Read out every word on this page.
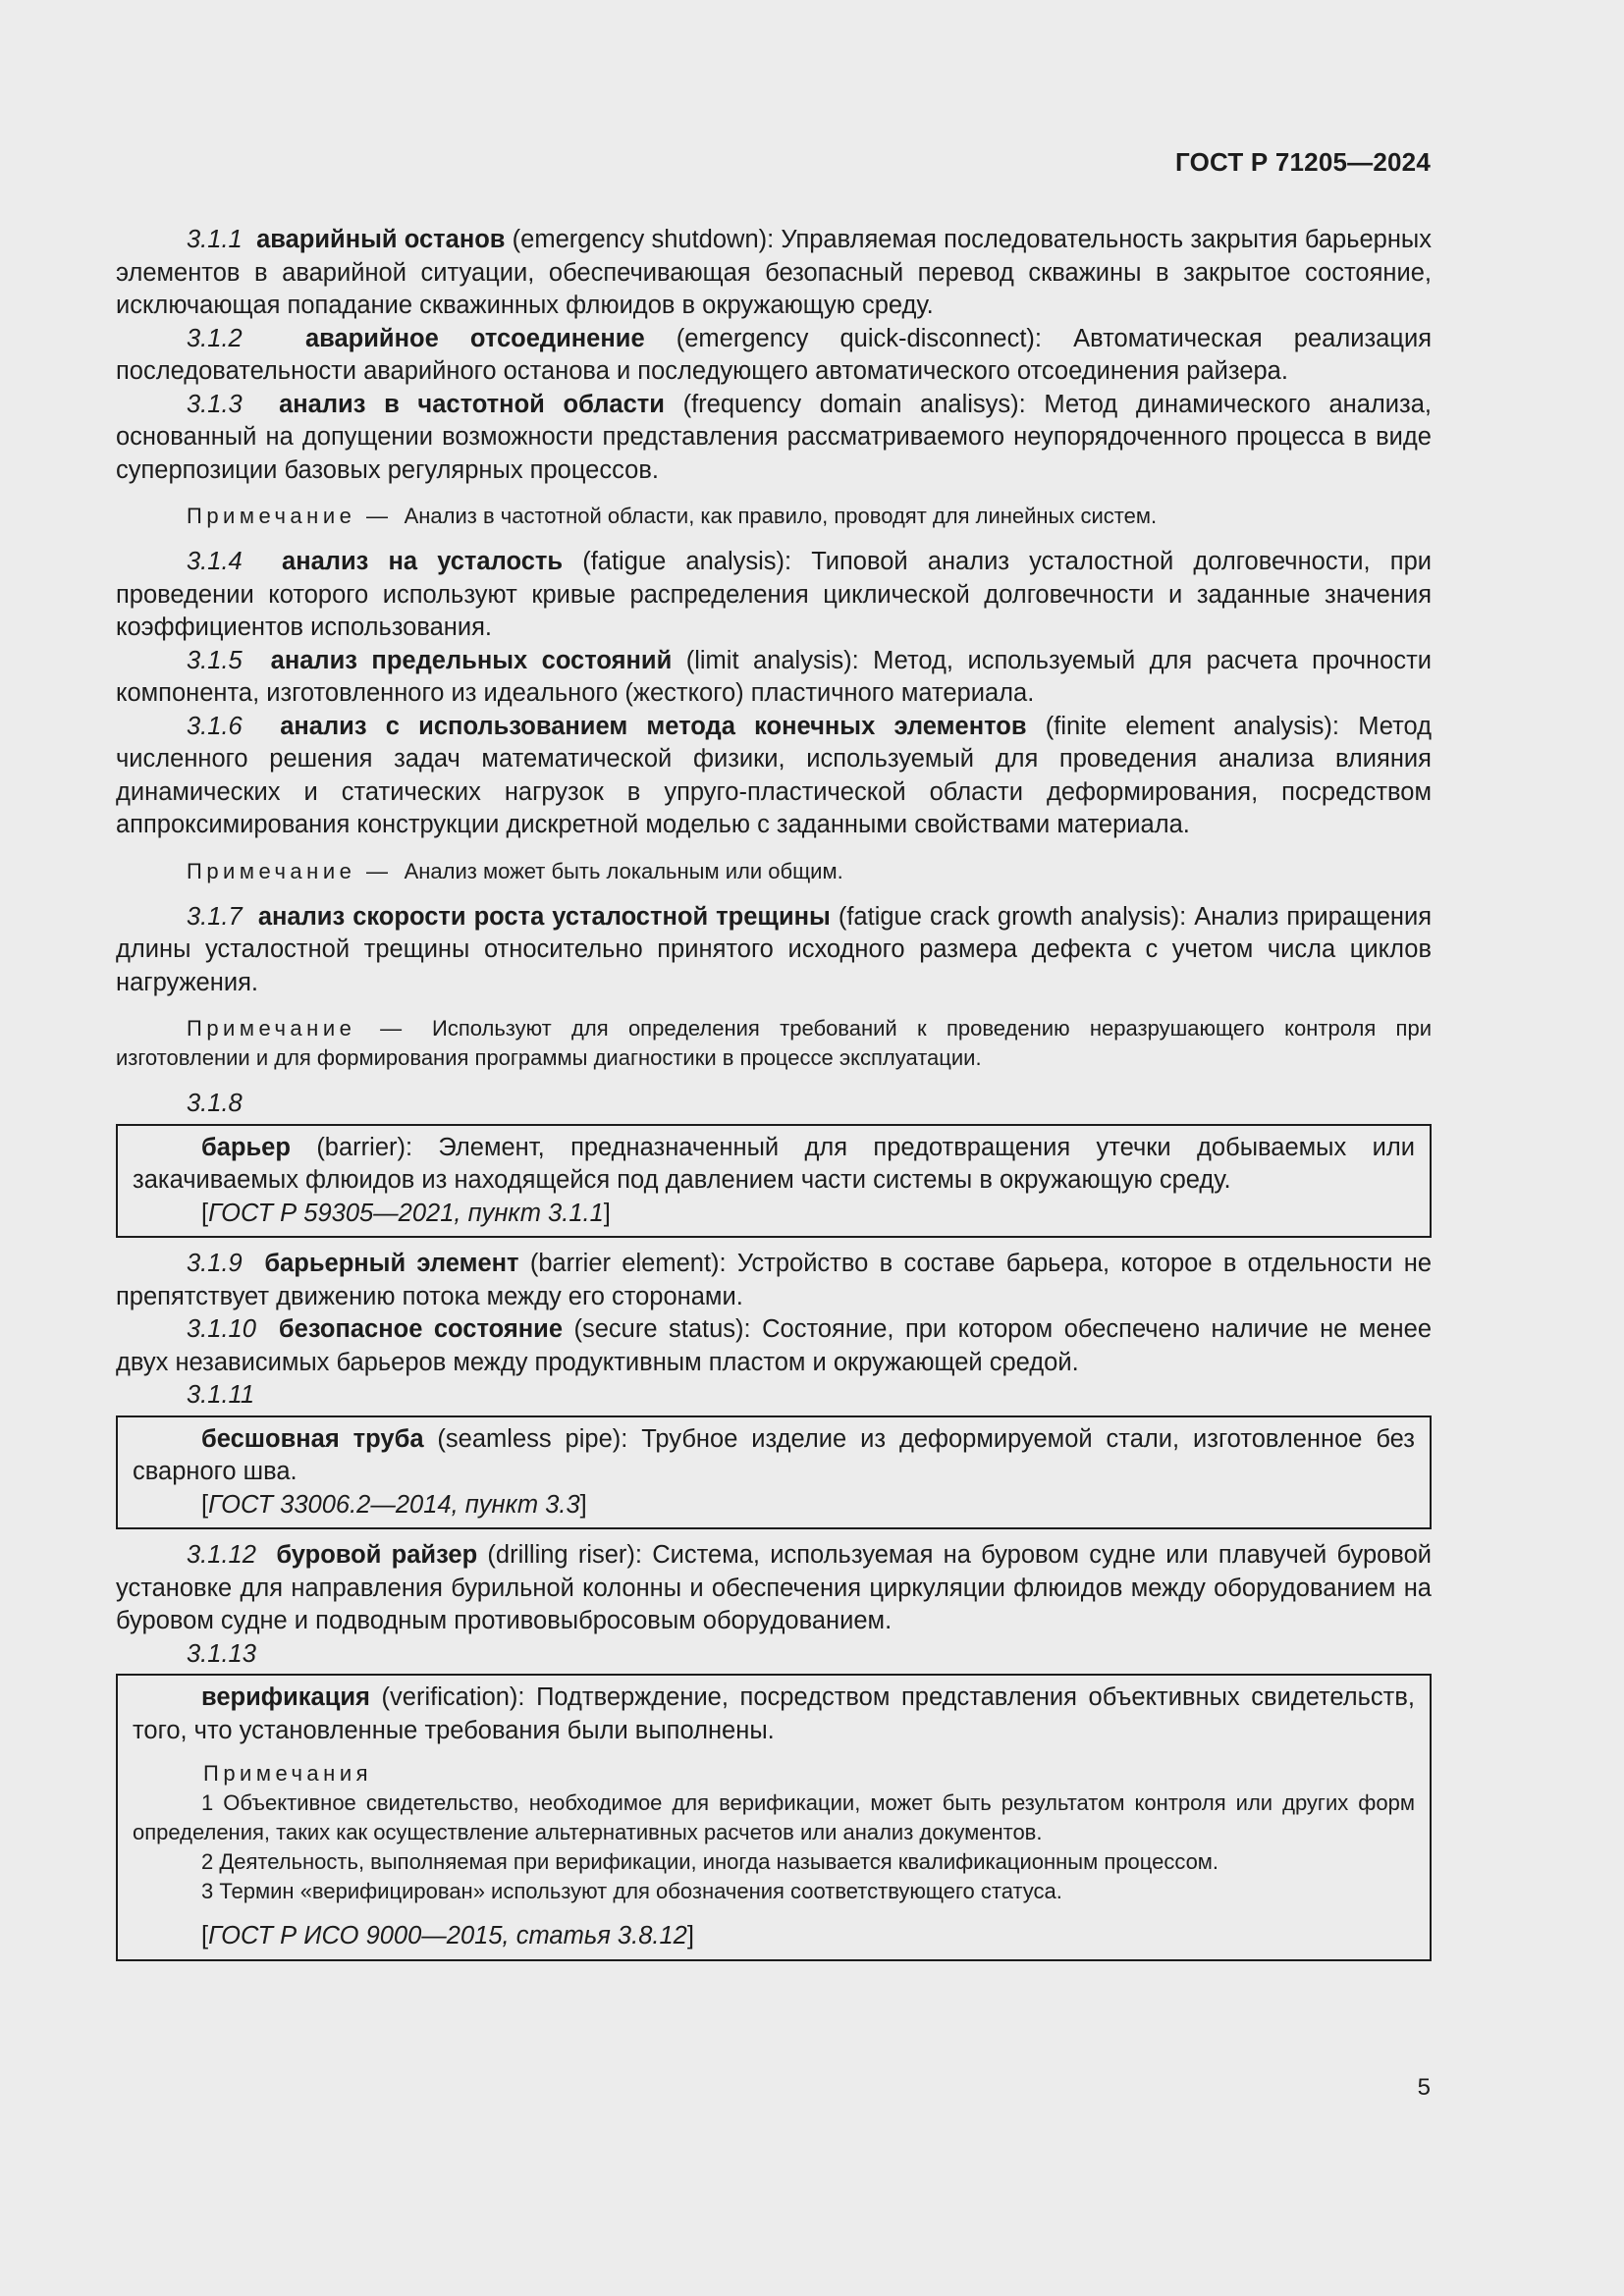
ГОСТ Р 71205—2024

3.1.1 аварийный останов (emergency shutdown): Управляемая последовательность закрытия барьерных элементов в аварийной ситуации, обеспечивающая безопасный перевод скважины в закрытое состояние, исключающая попадание скважинных флюидов в окружающую среду.

3.1.2	аварийное отсоединение (emergency quick-disconnect): Автоматическая реализация последовательности аварийного останова и последующего автоматического отсоединения райзера.

3.1.3 анализ в частотной области (frequency domain analisys): Метод динамического анализа, основанный на допущении возможности представления рассматриваемого неупорядоченного процесса в виде суперпозиции базовых регулярных процессов.

Примечание — Анализ в частотной области, как правило, проводят для линейных систем.

3.1.4 анализ на усталость (fatigue analysis): Типовой анализ усталостной долговечности, при проведении которого используют кривые распределения циклической долговечности и заданные значения коэффициентов использования.

3.1.5 анализ предельных состояний (limit analysis): Метод, используемый для расчета прочности компонента, изготовленного из идеального (жесткого) пластичного материала.

3.1.6 анализ с использованием метода конечных элементов (finite element analysis): Метод численного решения задач математической физики, используемый для проведения анализа влияния динамических и статических нагрузок в упруго-пластической области деформирования, посредством аппроксимирования конструкции дискретной моделью с заданными свойствами материала.

Примечание — Анализ может быть локальным или общим.

3.1.7 анализ скорости роста усталостной трещины (fatigue crack growth analysis): Анализ приращения длины усталостной трещины относительно принятого исходного размера дефекта с учетом числа циклов нагружения.

Примечание — Используют для определения требований к проведению неразрушающего контроля при изготовлении и для формирования программы диагностики в процессе эксплуатации.

3.1.8

барьер (barrier): Элемент, предназначенный для предотвращения утечки добываемых или закачиваемых флюидов из находящейся под давлением части системы в окружающую среду.

[ГОСТ Р 59305—2021, пункт 3.1.1]

3.1.9 барьерный элемент (barrier element): Устройство в составе барьера, которое в отдельности не препятствует движению потока между его сторонами.

3.1.10 безопасное состояние (secure status): Состояние, при котором обеспечено наличие не менее двух независимых барьеров между продуктивным пластом и окружающей средой.

3.1.11

бесшовная труба (seamless pipe): Трубное изделие из деформируемой стали, изготовленное без сварного шва.

[ГОСТ 33006.2—2014, пункт 3.3]

3.1.12 буровой райзер (drilling riser): Система, используемая на буровом судне или плавучей буровой установке для направления бурильной колонны и обеспечения циркуляции флюидов между оборудованием на буровом судне и подводным противовыбросовым оборудованием.

3.1.13

верификация (verification): Подтверждение, посредством представления объективных свидетельств, того, что установленные требования были выполнены.

Примечания

1 Объективное свидетельство, необходимое для верификации, может быть результатом контроля или других форм определения, таких как осуществление альтернативных расчетов или анализ документов.

2 Деятельность, выполняемая при верификации, иногда называется квалификационным процессом.

3 Термин «верифицирован» используют для обозначения соответствующего статуса.

[ГОСТ Р ИСО 9000—2015, статья 3.8.12]

5
